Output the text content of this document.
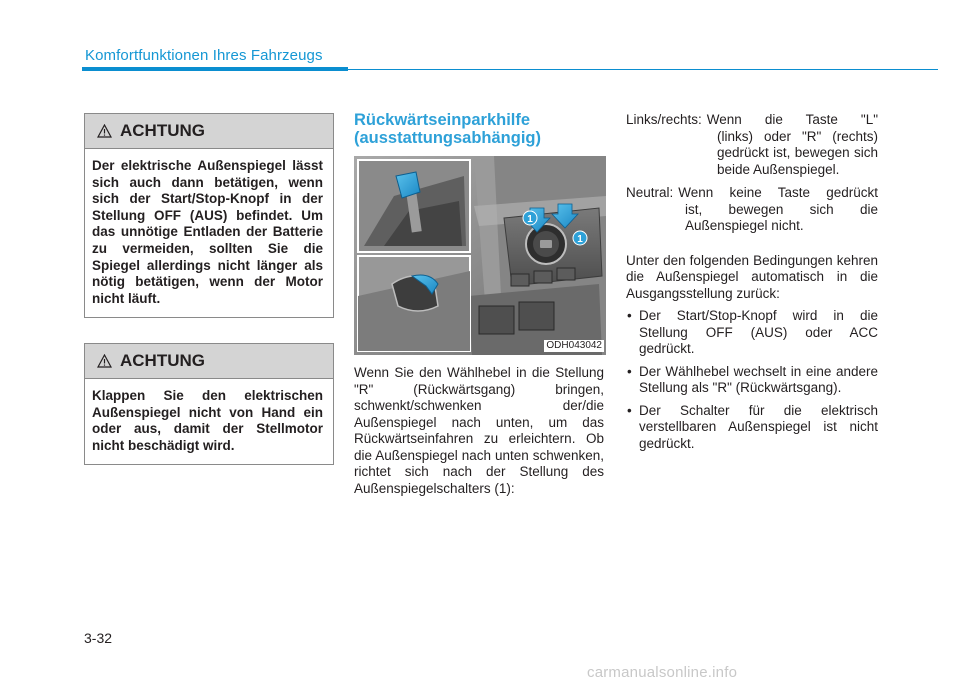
Komfortfunktionen Ihres Fahrzeugs
ACHTUNG
Der elektrische Außenspiegel lässt sich auch dann betätigen, wenn sich der Start/Stop-Knopf in der Stellung OFF (AUS) befindet. Um das unnötige Entladen der Batterie zu vermeiden, sollten Sie die Spiegel allerdings nicht länger als nötig betätigen, wenn der Motor nicht läuft.
ACHTUNG
Klappen Sie den elektrischen Außenspiegel nicht von Hand ein oder aus, damit der Stellmotor nicht beschädigt wird.
Rückwärtseinparkhilfe (ausstattungsabhängig)
1
1
ODH043042
Wenn Sie den Wählhebel in die Stellung "R" (Rückwärtsgang) bringen, schwenkt/schwenken der/die Außenspiegel nach unten, um das Rückwärtseinfahren zu erleichtern. Ob die Außenspiegel nach unten schwenken, richtet sich nach der Stellung des Außenspiegelschalters (1):
Links/rechts: Wenn die Taste "L"
(links) oder "R" (rechts) gedrückt ist, bewegen sich beide Außenspiegel.
Neutral: Wenn keine Taste gedrückt
ist, bewegen sich die Außenspiegel nicht.
Unter den folgenden Bedingungen kehren die Außenspiegel automatisch in die Ausgangsstellung zurück:
• Der Start/Stop-Knopf wird in die Stellung OFF (AUS) oder ACC gedrückt.
• Der Wählhebel wechselt in eine andere Stellung als "R" (Rückwärtsgang).
• Der Schalter für die elektrisch verstellbaren Außenspiegel ist nicht gedrückt.
3-32
carmanualsonline.info
